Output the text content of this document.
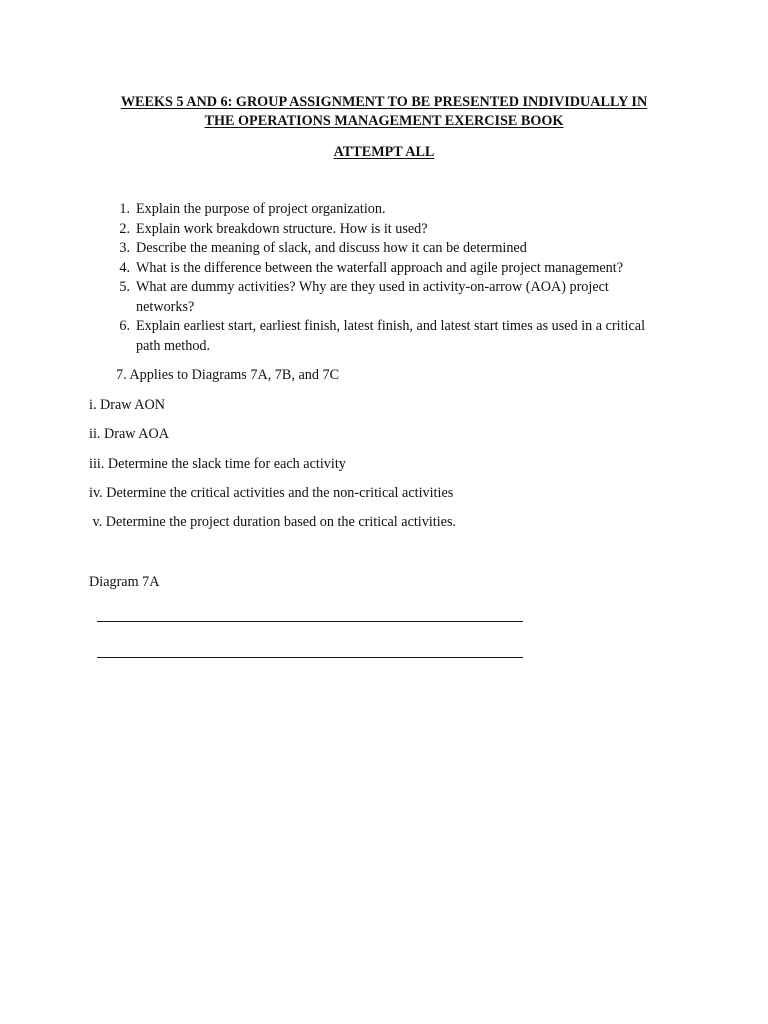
WEEKS 5 AND 6: GROUP ASSIGNMENT TO BE PRESENTED INDIVIDUALLY IN
THE OPERATIONS MANAGEMENT EXERCISE BOOK
ATTEMPT ALL
1. Explain the purpose of project organization.
2. Explain work breakdown structure. How is it used?
3. Describe the meaning of slack, and discuss how it can be determined
4. What is the difference between the waterfall approach and agile project management?
5. What are dummy activities? Why are they used in activity-on-arrow (AOA) project
networks?
6. Explain earliest start, earliest finish, latest finish, and latest start times as used in a critical
path method.
7. Applies to Diagrams 7A, 7B, and 7C
i. Draw AON
ii. Draw AOA
iii. Determine the slack time for each activity
iv. Determine the critical activities and the non-critical activities
v. Determine the project duration based on the critical activities.
Diagram 7A
